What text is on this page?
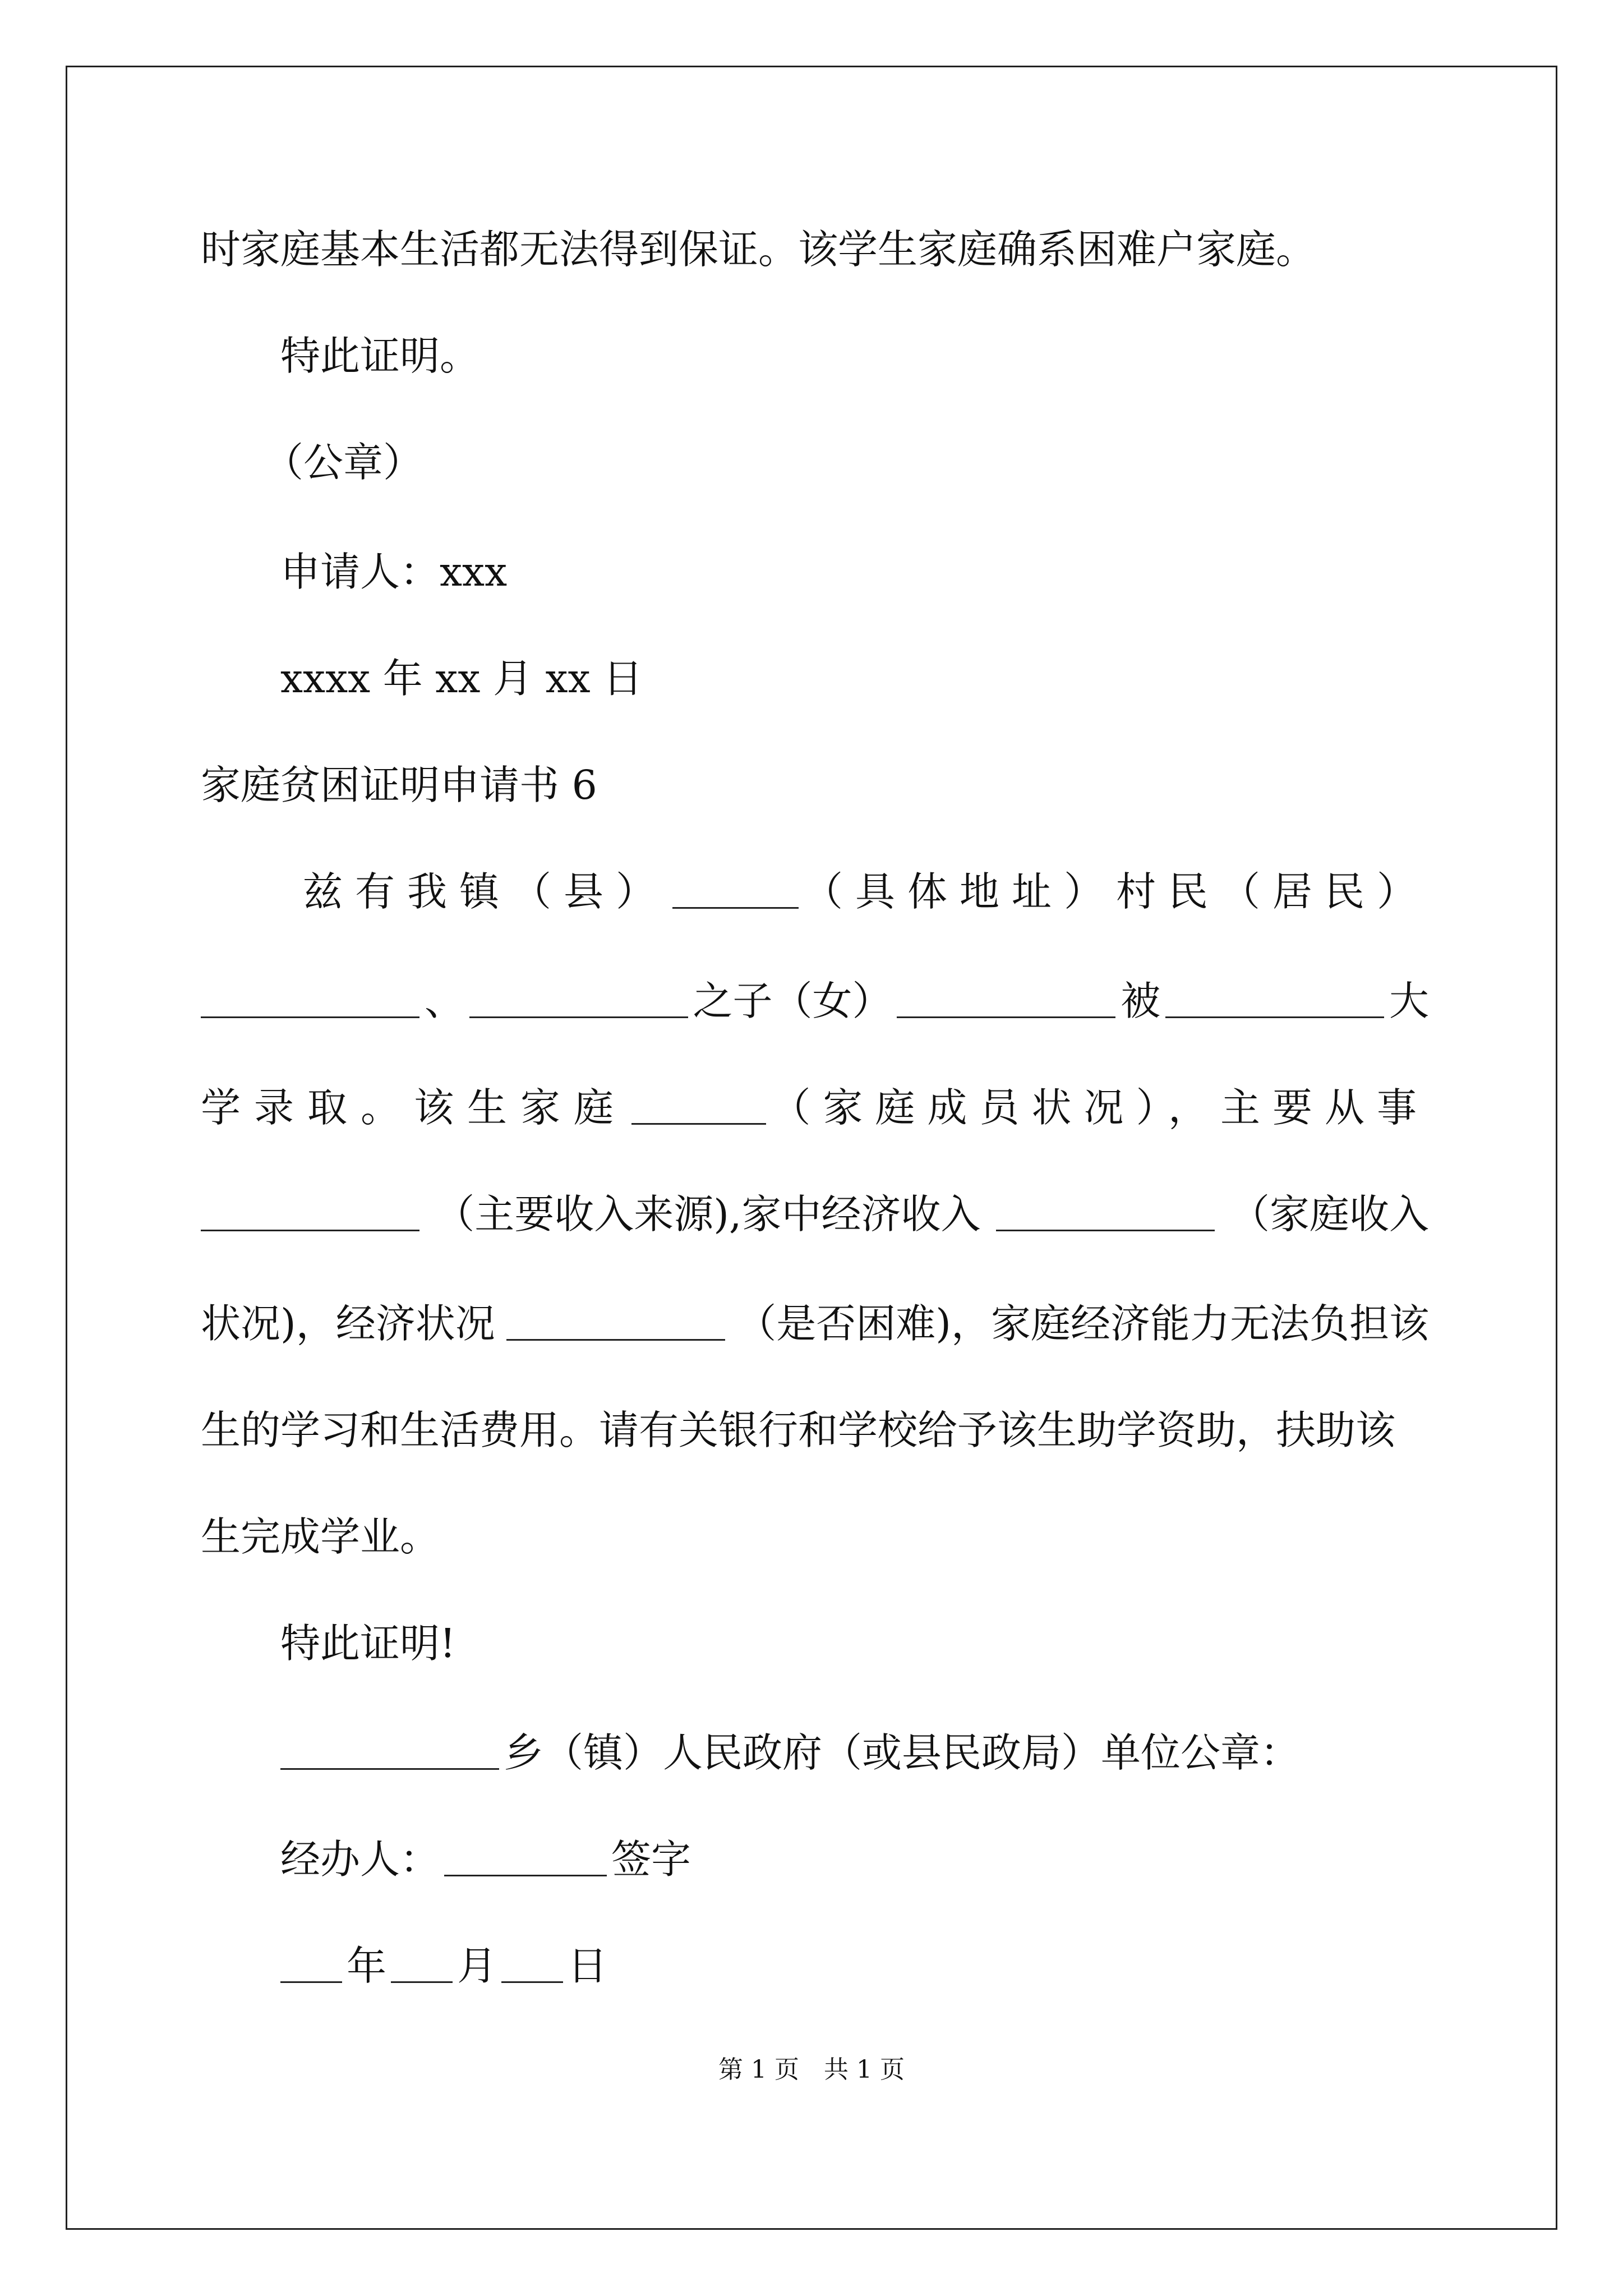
时家庭基本生活都无法得到保证。该学生家庭确系困难户家庭。

特此证明。

（公章）

申请人：xxx

xxxx 年 xx 月 xx 日

家庭贫困证明申请书 6

兹有我镇（县）	（具体地址）村民（居民）
、	之子（女）	被	大
学录取。该生家庭	（家庭成员状况），主要从事
（主要收入来源),家中经济收入	（家庭收入
状况)，经济状况	（是否困难)，家庭经济能力无法负担该

生的学习和生活费用。请有关银行和学校给予该生助学资助，扶助该

生完成学业。

特此证明!

乡（镇）人民政府（或县民政局）单位公章：

经办人：	签字

年 月 日

第 1 页　共 1 页
